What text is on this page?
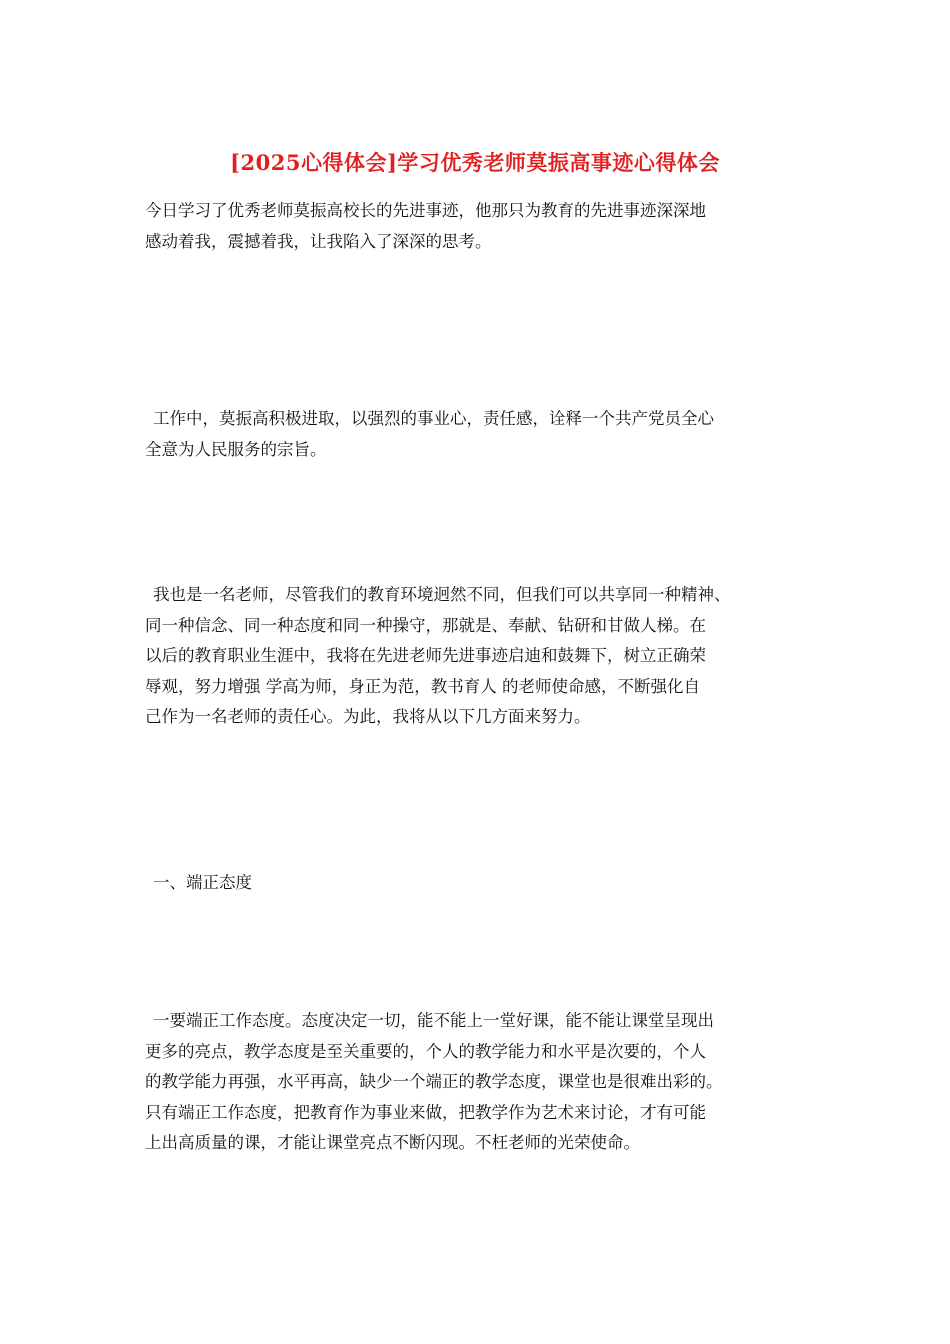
[2025心得体会]学习优秀老师莫振高事迹心得体会
今日学习了优秀老师莫振高校长的先进事迹，他那只为教育的先进事迹深深地
感动着我，震撼着我，让我陷入了深深的思考。
工作中，莫振高积极进取，以强烈的事业心，责任感，诠释一个共产党员全心
全意为人民服务的宗旨。
我也是一名老师，尽管我们的教育环境迥然不同，但我们可以共享同一种精神、
同一种信念、同一种态度和同一种操守，那就是、奉献、钻研和甘做人梯。在
以后的教育职业生涯中，我将在先进老师先进事迹启迪和鼓舞下，树立正确荣
辱观，努力增强 学高为师，身正为范，教书育人 的老师使命感，不断强化自
己作为一名老师的责任心。为此，我将从以下几方面来努力。
一、端正态度
一要端正工作态度。态度决定一切，能不能上一堂好课，能不能让课堂呈现出
更多的亮点，教学态度是至关重要的，个人的教学能力和水平是次要的，个人
的教学能力再强，水平再高，缺少一个端正的教学态度，课堂也是很难出彩的。
只有端正工作态度，把教育作为事业来做，把教学作为艺术来讨论，才有可能
上出高质量的课，才能让课堂亮点不断闪现。不枉老师的光荣使命。
